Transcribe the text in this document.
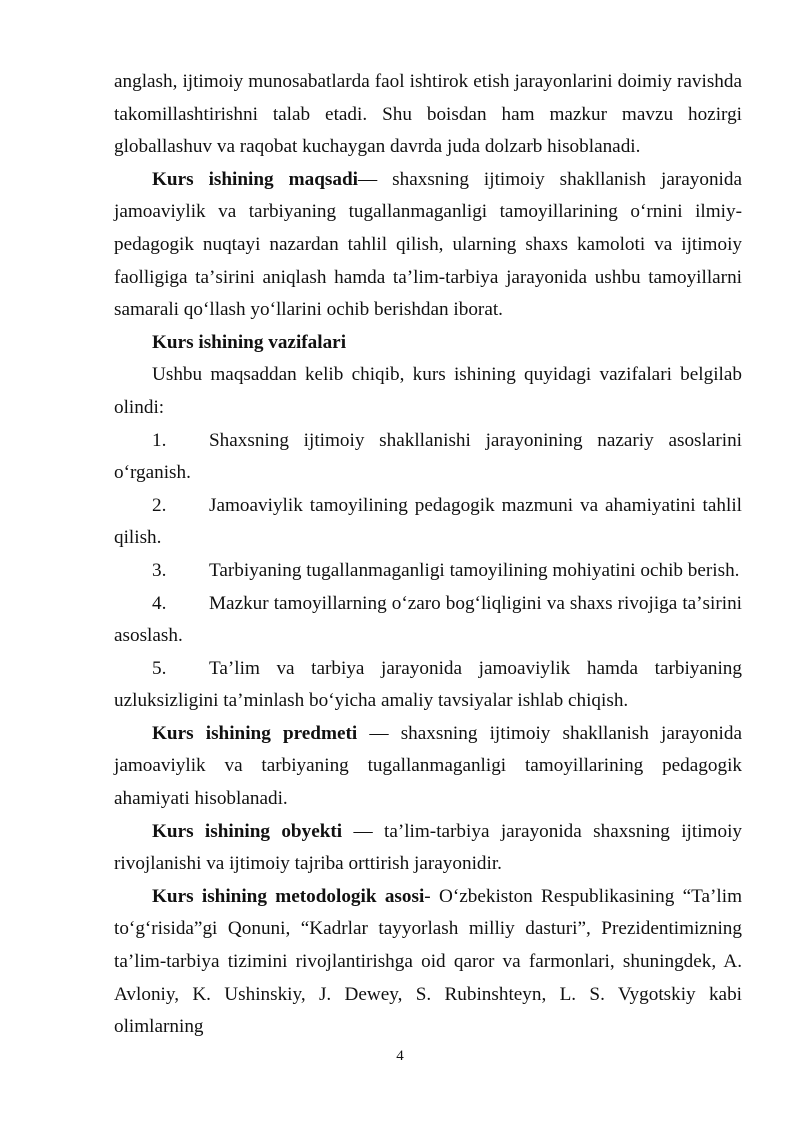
anglash, ijtimoiy munosabatlarda faol ishtirok etish jarayonlarini doimiy ravishda takomillashtirishni talab etadi. Shu boisdan ham mazkur mavzu hozirgi globallashuv va raqobat kuchaygan davrda juda dolzarb hisoblanadi.

Kurs ishining maqsadi— shaxsning ijtimoiy shakllanish jarayonida jamoaviylik va tarbiyaning tugallanmaganligi tamoyillarining oʻrnini ilmiy-pedagogik nuqtayi nazardan tahlil qilish, ularning shaxs kamoloti va ijtimoiy faolligiga taʼsirini aniqlash hamda taʼlim-tarbiya jarayonida ushbu tamoyillarni samarali qoʻllash yoʻllarini ochib berishdan iborat.

Kurs ishining vazifalari

Ushbu maqsaddan kelib chiqib, kurs ishining quyidagi vazifalari belgilab olindi:

1. Shaxsning ijtimoiy shakllanishi jarayonining nazariy asoslarini oʻrganish.

2. Jamoaviylik tamoyilining pedagogik mazmuni va ahamiyatini tahlil qilish.

3. Tarbiyaning tugallanmaganligi tamoyilining mohiyatini ochib berish.

4. Mazkur tamoyillarning oʻzaro bogʻliqligini va shaxs rivojiga taʼsirini asoslash.

5. Taʼlim va tarbiya jarayonida jamoaviylik hamda tarbiyaning uzluksizligini taʼminlash boʻyicha amaliy tavsiyalar ishlab chiqish.

Kurs ishining predmeti — shaxsning ijtimoiy shakllanish jarayonida jamoaviylik va tarbiyaning tugallanmaganligi tamoyillarining pedagogik ahamiyati hisoblanadi.

Kurs ishining obyekti — taʼlim-tarbiya jarayonida shaxsning ijtimoiy rivojlanishi va ijtimoiy tajriba orttirish jarayonidir.

Kurs ishining metodologik asosi- Oʻzbekiston Respublikasining “Taʼlim toʻgʻrisida”gi Qonuni, “Kadrlar tayyorlash milliy dasturi”, Prezidentimizning taʼlim-tarbiya tizimini rivojlantirishga oid qaror va farmonlari, shuningdek, A. Avloniy, K. Ushinskiy, J. Dewey, S. Rubinshteyn, L. S. Vygotskiy kabi olimlarning

4
